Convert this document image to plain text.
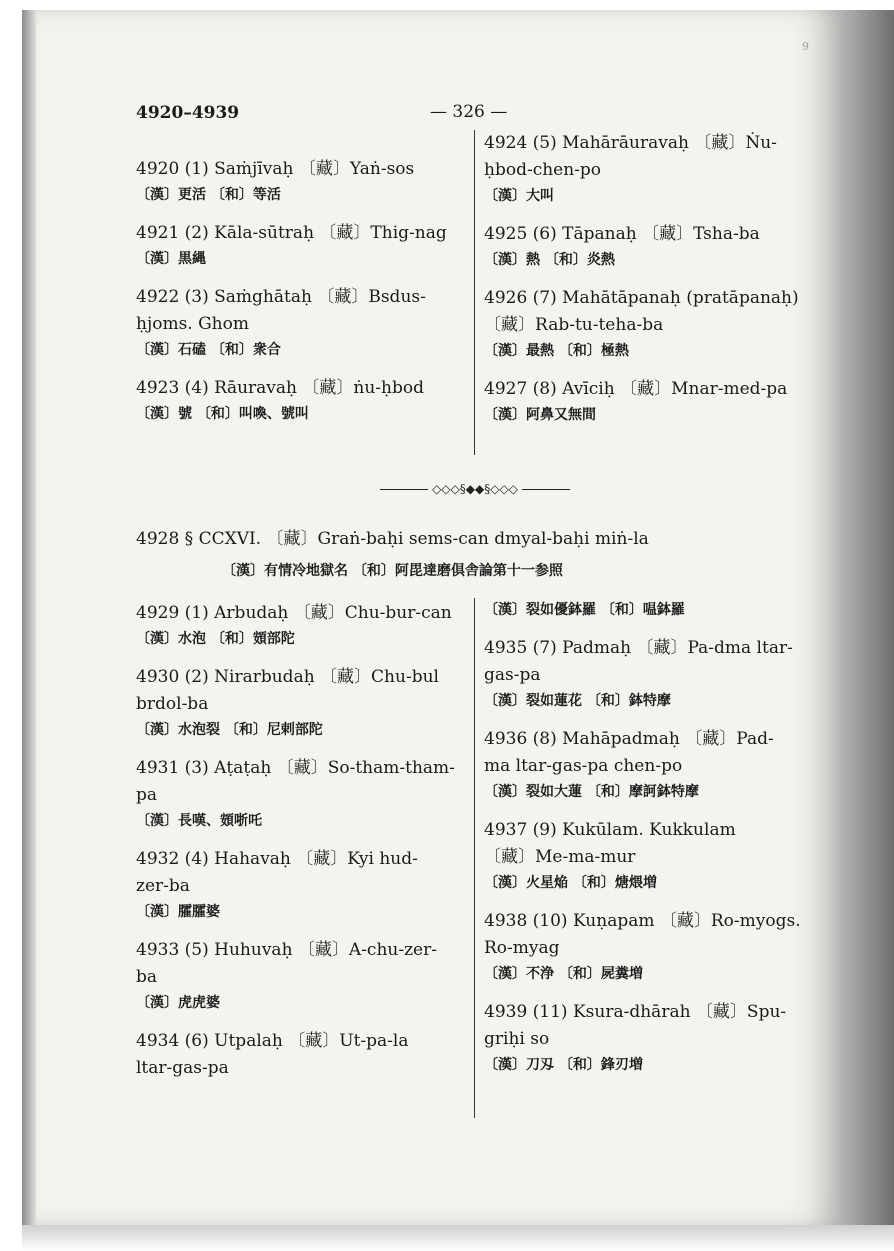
9
4920–4939	— 326 —
4920 (1) Saṁjīvaḥ 〔藏〕Yaṅ-sos
〔漢〕更活 〔和〕等活
4921 (2) Kāla-sūtraḥ 〔藏〕Thig-nag
〔漢〕黒縄
4922 (3) Saṁghātaḥ 〔藏〕Bsdus-
ḥjoms. Ghom
〔漢〕石磕 〔和〕衆合
4923 (4) Rāuravaḥ 〔藏〕ṅu-ḥbod
〔漢〕號 〔和〕叫喚、號叫
4924 (5) Mahārāuravaḥ 〔藏〕Ṅu-
ḥbod-chen-po
〔漢〕大叫
4925 (6) Tāpanaḥ 〔藏〕Tsha-ba
〔漢〕熱 〔和〕炎熱
4926 (7) Mahātāpanaḥ (pratāpanaḥ)
〔藏〕Rab-tu-teha-ba
〔漢〕最熱 〔和〕極熱
4927 (8) Avīciḥ 〔藏〕Mnar-med-pa
〔漢〕阿鼻又無間
◇◇◇§◆◆§◇◇◇
4928 § CCXVI. 〔藏〕Graṅ-baḥi sems-can dmyal-baḥi miṅ-la
〔漢〕有情冷地獄名 〔和〕阿毘達磨倶舎論第十一参照
4929 (1) Arbudaḥ 〔藏〕Chu-bur-can
〔漢〕水泡 〔和〕頞部陀
4930 (2) Nirarbudaḥ 〔藏〕Chu-bul
brdol-ba
〔漢〕水泡裂 〔和〕尼剌部陀
4931 (3) Aṭaṭaḥ 〔藏〕So-tham-tham-
pa
〔漢〕長嘆、頞哳吒
4932 (4) Hahavaḥ 〔藏〕Kyi hud-
zer-ba
〔漢〕臛臛婆
4933 (5) Huhuvaḥ 〔藏〕A-chu-zer-
ba
〔漢〕虎虎婆
4934 (6) Utpalaḥ 〔藏〕Ut-pa-la
ltar-gas-pa
〔漢〕裂如優鉢羅 〔和〕嗢鉢羅
4935 (7) Padmaḥ 〔藏〕Pa-dma ltar-
gas-pa
〔漢〕裂如蓮花 〔和〕鉢特摩
4936 (8) Mahāpadmaḥ 〔藏〕Pad-
ma ltar-gas-pa chen-po
〔漢〕裂如大蓮 〔和〕摩訶鉢特摩
4937 (9) Kukūlam. Kukkulam
〔藏〕Me-ma-mur
〔漢〕火星焔 〔和〕煻煨増
4938 (10) Kuṇapam 〔藏〕Ro-myogs.
Ro-myag
〔漢〕不浄 〔和〕屍糞増
4939 (11) Ksura-dhārah 〔藏〕Spu-
griḥi so
〔漢〕刀刄 〔和〕鋒刃増
